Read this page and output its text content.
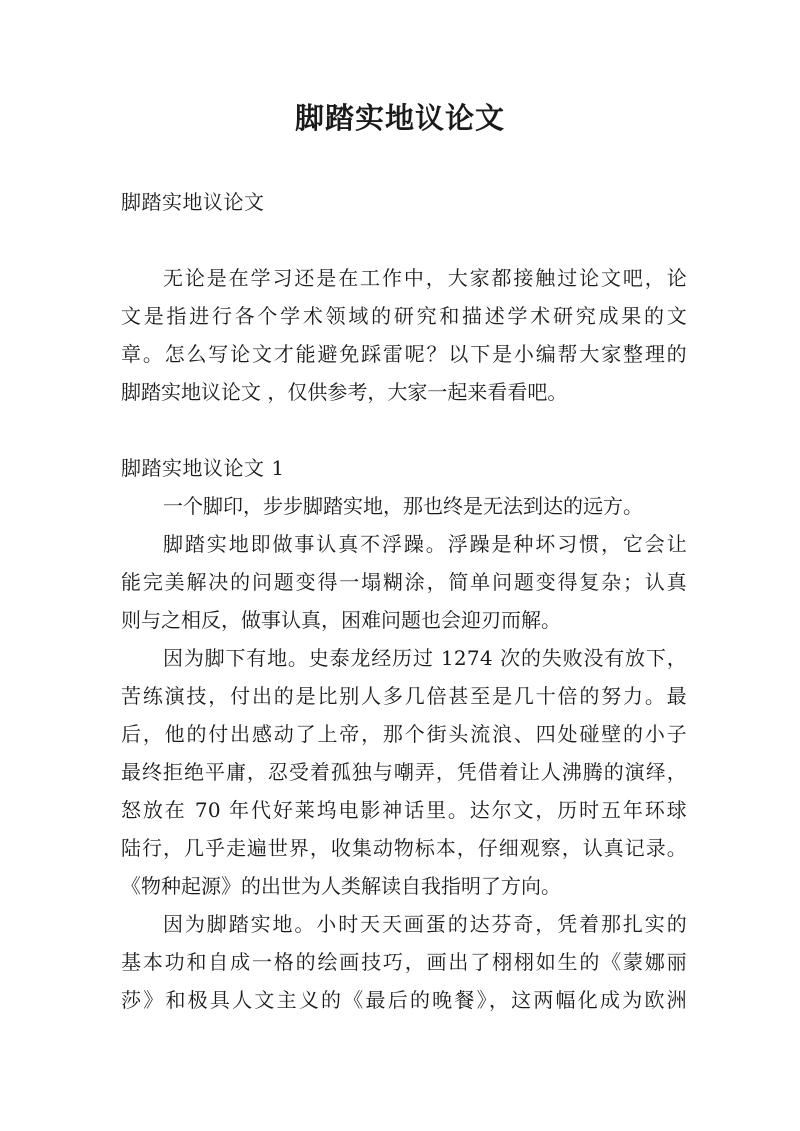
脚踏实地议论文
脚踏实地议论文
无论是在学习还是在工作中，大家都接触过论文吧，论
文是指进行各个学术领域的研究和描述学术研究成果的文
章。怎么写论文才能避免踩雷呢？以下是小编帮大家整理的
脚踏实地议论文 ，仅供参考，大家一起来看看吧。
脚踏实地议论文 1
一个脚印，步步脚踏实地，那也终是无法到达的远方。
脚踏实地即做事认真不浮躁。浮躁是种坏习惯，它会让
能完美解决的问题变得一塌糊涂，简单问题变得复杂；认真
则与之相反，做事认真，困难问题也会迎刃而解。
因为脚下有地。史泰龙经历过 1274 次的失败没有放下，
苦练演技，付出的是比别人多几倍甚至是几十倍的努力。最
后，他的付出感动了上帝，那个街头流浪、四处碰壁的小子
最终拒绝平庸，忍受着孤独与嘲弄，凭借着让人沸腾的演绎，
怒放在 70 年代好莱坞电影神话里。达尔文，历时五年环球
陆行，几乎走遍世界，收集动物标本，仔细观察，认真记录。
《物种起源》的出世为人类解读自我指明了方向。
因为脚踏实地。小时天天画蛋的达芬奇，凭着那扎实的
基本功和自成一格的绘画技巧，画出了栩栩如生的《蒙娜丽
莎》和极具人文主义的《最后的晚餐》，这两幅化成为欧洲
